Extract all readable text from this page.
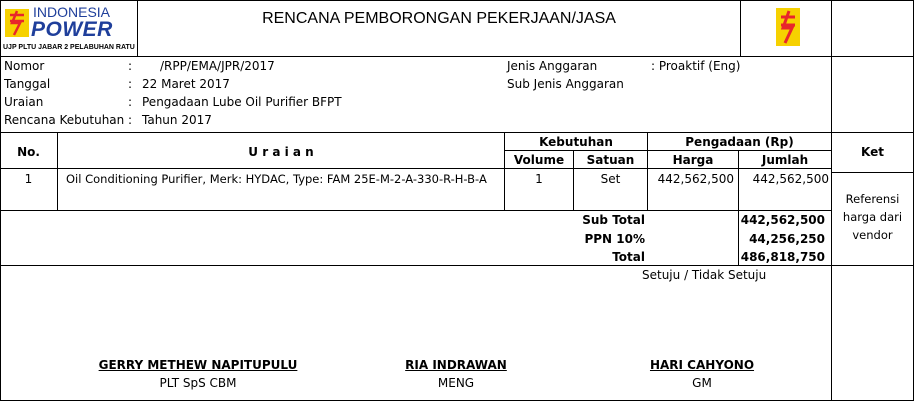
INDONESIA
POWER
UJP PLTU JABAR 2 PELABUHAN RATU
RENCANA PEMBORONGAN PEKERJAAN/JASA
Nomor	: /RPP/EMA/JPR/2017
Tanggal	: 22 Maret 2017
Uraian	: Pengadaan Lube Oil Purifier BFPT
Rencana Kebutuhan : Tahun 2017
Jenis Anggaran	: Proaktif (Eng)
Sub Jenis Anggaran
No.	U r a i a n
Kebutuhan
Volume	Satuan
Pengadaan (Rp)
Harga	Jumlah
Ket
1	Oil Conditioning Purifier, Merk: HYDAC, Type: FAM 25E-M-2-A-330-R-H-B-A	1	Set	442,562,500	442,562,500
Referensi
harga dari
vendor
Sub Total	442,562,500
PPN 10%	44,256,250
Total	486,818,750
Setuju / Tidak Setuju
GERRY METHEW NAPITUPULU
PLT SpS CBM
RIA INDRAWAN
MENG
HARI CAHYONO
GM
